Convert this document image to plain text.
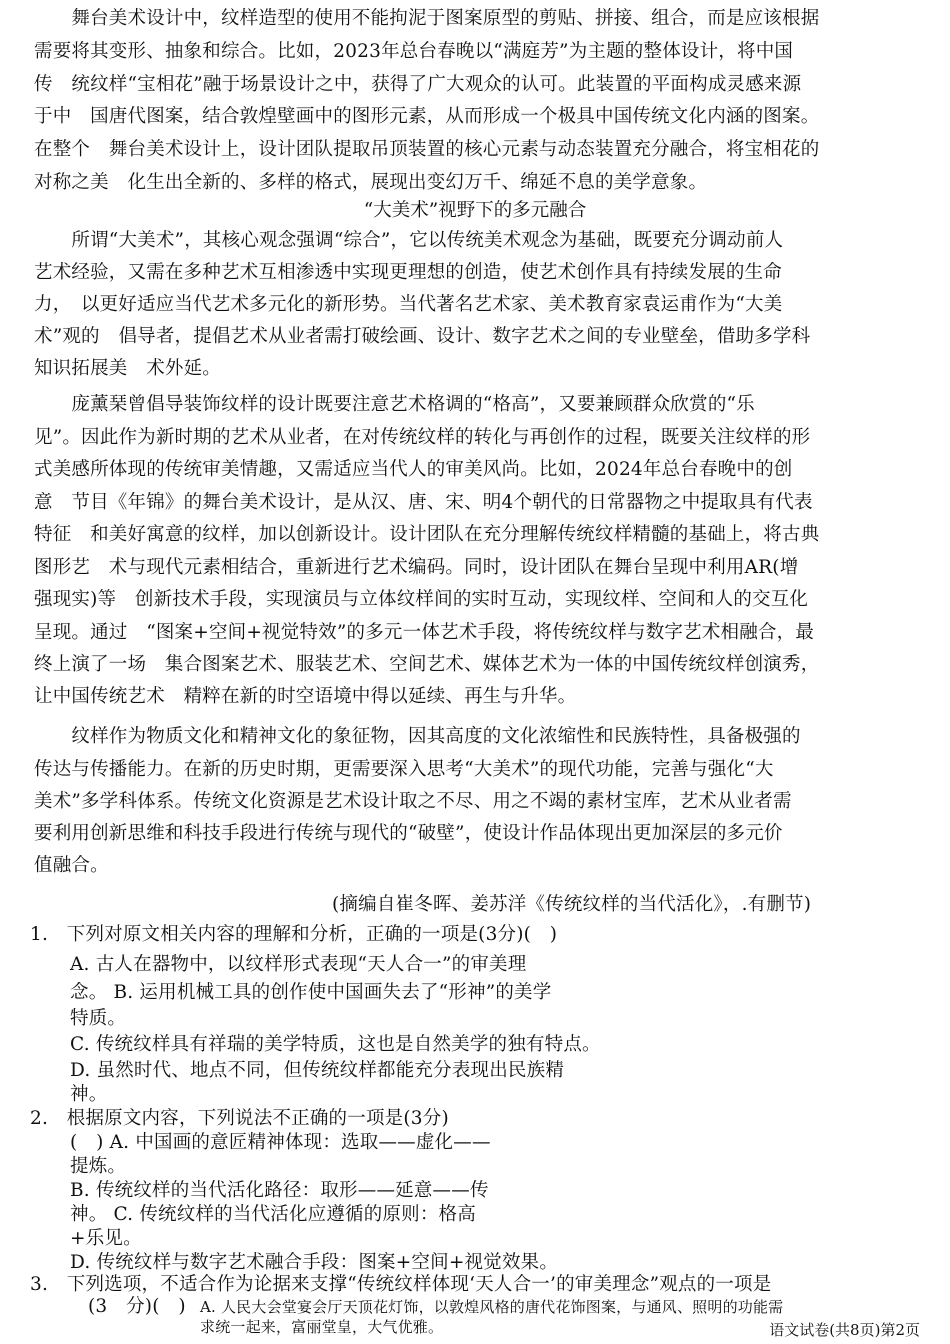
　　舞台美术设计中，纹样造型的使用不能拘泥于图案原型的剪贴、拼接、组合，而是应该根据
需要将其变形、抽象和综合。比如，2023年总台春晚以“满庭芳”为主题的整体设计，将中国
传　统纹样“宝相花”融于场景设计之中，获得了广大观众的认可。此装置的平面构成灵感来源
于中　国唐代图案，结合敦煌壁画中的图形元素，从而形成一个极具中国传统文化内涵的图案。
在整个　舞台美术设计上，设计团队提取吊顶装置的核心元素与动态装置充分融合，将宝相花的
对称之美　化生出全新的、多样的格式，展现出变幻万千、绵延不息的美学意象。
“大美术”视野下的多元融合
　　所谓“大美术”，其核心观念强调“综合”，它以传统美术观念为基础，既要充分调动前人
艺术经验，又需在多种艺术互相渗透中实现更理想的创造，使艺术创作具有持续发展的生命
力，　以更好适应当代艺术多元化的新形势。当代著名艺术家、美术教育家袁运甫作为“大美
术”观的　倡导者，提倡艺术从业者需打破绘画、设计、数字艺术之间的专业壁垒，借助多学科
知识拓展美　术外延。
　　庞薰琹曾倡导装饰纹样的设计既要注意艺术格调的“格高”，又要兼顾群众欣赏的“乐
见”。因此作为新时期的艺术从业者，在对传统纹样的转化与再创作的过程，既要关注纹样的形
式美感所体现的传统审美情趣，又需适应当代人的审美风尚。比如，2024年总台春晚中的创
意　节目《年锦》的舞台美术设计，是从汉、唐、宋、明4个朝代的日常器物之中提取具有代表
特征　和美好寓意的纹样，加以创新设计。设计团队在充分理解传统纹样精髓的基础上，将古典
图形艺　术与现代元素相结合，重新进行艺术编码。同时，设计团队在舞台呈现中利用AR(增
强现实)等　创新技术手段，实现演员与立体纹样间的实时互动，实现纹样、空间和人的交互化
呈现。通过　“图案+空间+视觉特效”的多元一体艺术手段，将传统纹样与数字艺术相融合，最
终上演了一场　集合图案艺术、服装艺术、空间艺术、媒体艺术为一体的中国传统纹样创演秀，
让中国传统艺术　精粹在新的时空语境中得以延续、再生与升华。
　　纹样作为物质文化和精神文化的象征物，因其高度的文化浓缩性和民族特性，具备极强的
传达与传播能力。在新的历史时期，更需要深入思考“大美术”的现代功能，完善与强化“大
美术”多学科体系。传统文化资源是艺术设计取之不尽、用之不竭的素材宝库，艺术从业者需
要利用创新思维和科技手段进行传统与现代的“破壁”，使设计作品体现出更加深层的多元价
值融合。
(摘编自崔冬晖、姜苏洋《传统纹样的当代活化》，.有删节)
1.　下列对原文相关内容的理解和分析，正确的一项是(3分)(　)
A. 古人在器物中，以纹样形式表现“天人合一”的审美理
念。 B. 运用机械工具的创作使中国画失去了“形神”的美学
特质。
C. 传统纹样具有祥瑞的美学特质，这也是自然美学的独有特点。
D. 虽然时代、地点不同，但传统纹样都能充分表现出民族精
神。
2.　根据原文内容，下列说法不正确的一项是(3分)
(　) A. 中国画的意匠精神体现：选取——虚化——
提炼。
B. 传统纹样的当代活化路径：取形——延意——传
神。 C. 传统纹样的当代活化应遵循的原则：格高
+乐见。
D. 传统纹样与数字艺术融合手段：图案+空间+视觉效果。
3.　下列选项，不适合作为论据来支撑“传统纹样体现‘天人合一’的审美理念”观点的一项是
(3　分)(　) A. 人民大会堂宴会厅天顶花灯饰，以敦煌风格的唐代花饰图案，与通风、照明的功能需
求统一起来，富丽堂皇，大气优雅。	语文试卷(共8页)第2页
